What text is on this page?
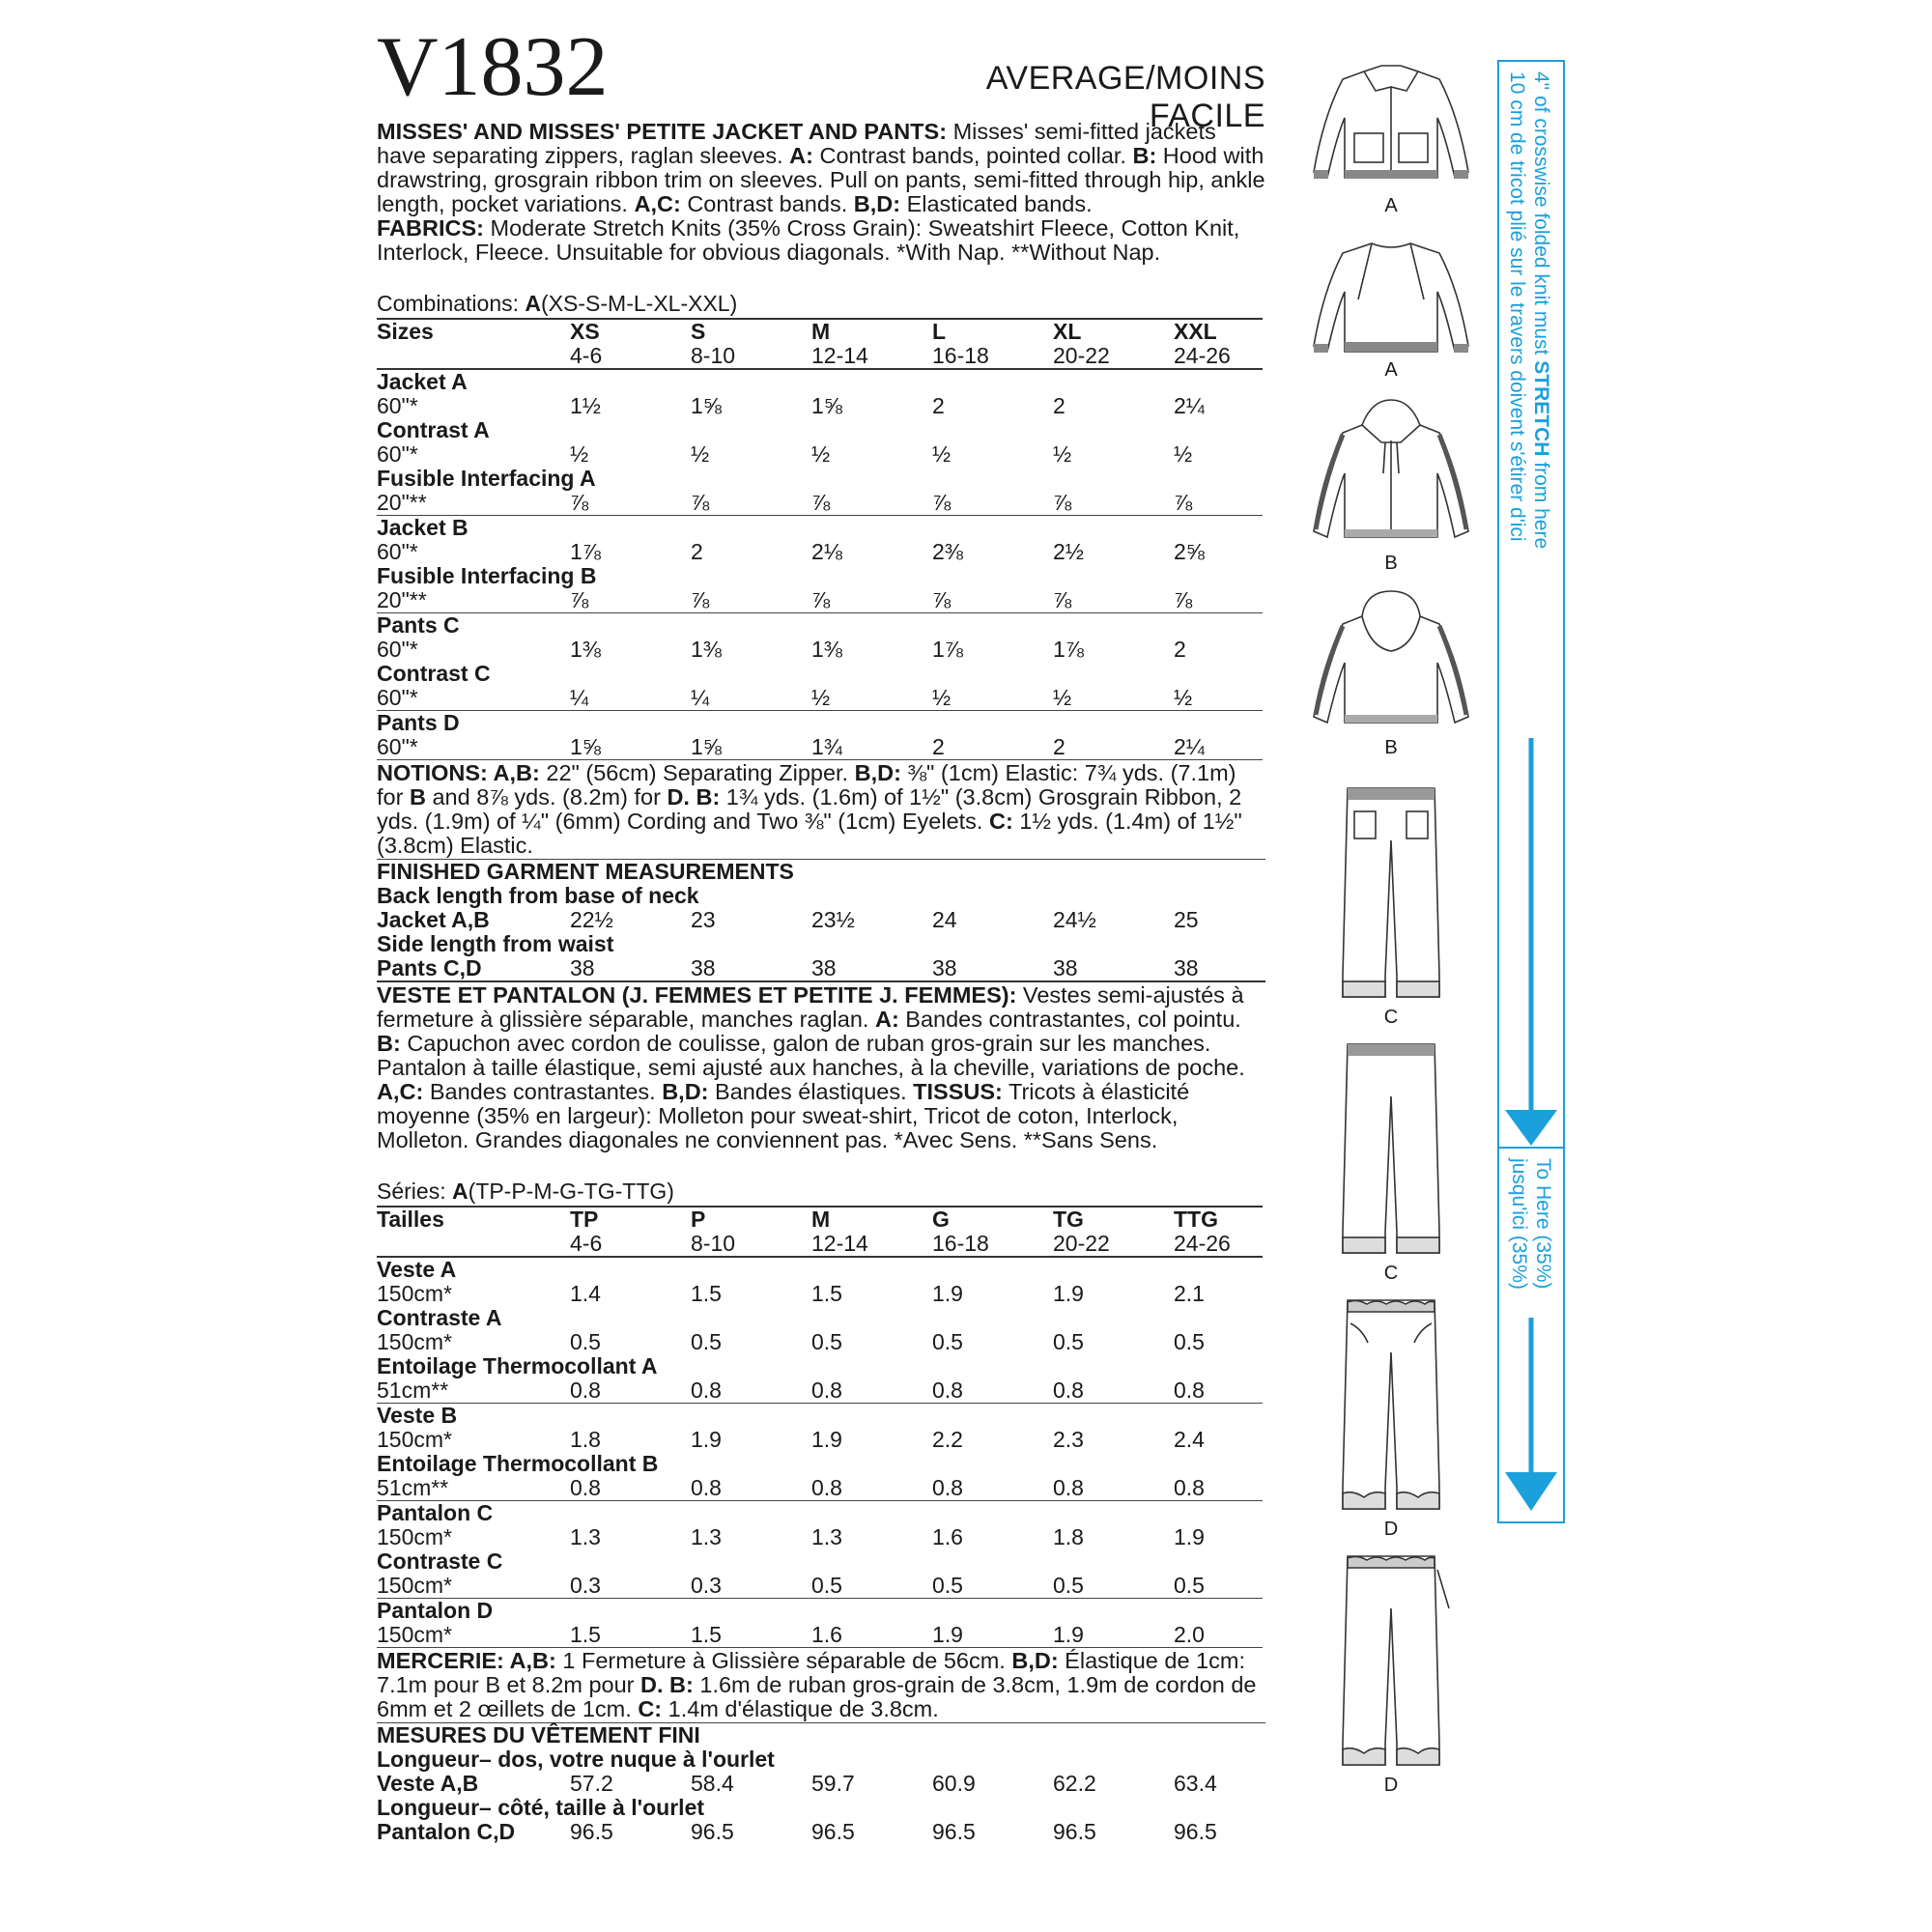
V1832	AVERAGE/MOINS FACILE

MISSES' AND MISSES' PETITE JACKET AND PANTS: Misses' semi-fitted jackets have separating zippers, raglan sleeves. A: Contrast bands, pointed collar. B: Hood with drawstring, grosgrain ribbon trim on sleeves. Pull on pants, semi-fitted through hip, ankle length, pocket variations. A,C: Contrast bands. B,D: Elasticated bands.
FABRICS: Moderate Stretch Knits (35% Cross Grain): Sweatshirt Fleece, Cotton Knit, Interlock, Fleece. Unsuitable for obvious diagonals. *With Nap. **Without Nap.

Combinations: A(XS-S-M-L-XL-XXL)
Sizes	XS	S	M	L	XL	XXL	
	4-6	8-10	12-14	16-18	20-22	24-26	
Jacket A							
60"*	1½	1⅝	1⅝	2	2	2¼	
Contrast A							
60"*	½	½	½	½	½	½	
Fusible Interfacing A							
20"**	⅞	⅞	⅞	⅞	⅞	⅞	
Jacket B							
60"*	1⅞	2	2⅛	2⅜	2½	2⅝	
Fusible Interfacing B							
20"**	⅞	⅞	⅞	⅞	⅞	⅞	
Pants C							
60"*	1⅜	1⅜	1⅜	1⅞	1⅞	2	
Contrast C							
60"*	¼	¼	½	½	½	½	
Pants D							
60"*	1⅝	1⅝	1¾	2	2	2¼	
NOTIONS: A,B: 22" (56cm) Separating Zipper. B,D: ⅜" (1cm) Elastic: 7¾ yds. (7.1m) for B and 8⅞ yds. (8.2m) for D. B: 1¾ yds. (1.6m) of 1½" (3.8cm) Grosgrain Ribbon, 2 yds. (1.9m) of ¼" (6mm) Cording and Two ⅜" (1cm) Eyelets. C: 1½ yds. (1.4m) of 1½" (3.8cm) Elastic.
FINISHED GARMENT MEASUREMENTS							
Back length from base of neck							
Jacket A,B	22½	23	23½	24	24½	25	
Side length from waist							
Pants C,D	38	38	38	38	38	38	

VESTE ET PANTALON (J. FEMMES ET PETITE J. FEMMES): Vestes semi-ajustés à fermeture à glissière séparable, manches raglan. A: Bandes contrastantes, col pointu. B: Capuchon avec cordon de coulisse, galon de ruban gros-grain sur les manches. Pantalon à taille élastique, semi ajusté aux hanches, à la cheville, variations de poche. A,C: Bandes contrastantes. B,D: Bandes élastiques. TISSUS: Tricots à élasticité moyenne (35% en largeur): Molleton pour sweat-shirt, Tricot de coton, Interlock, Molleton. Grandes diagonales ne conviennent pas. *Avec Sens. **Sans Sens.

Séries: A(TP-P-M-G-TG-TTG)
Tailles	TP	P	M	G	TG	TTG	
	4-6	8-10	12-14	16-18	20-22	24-26	
Veste A							
150cm*	1.4	1.5	1.5	1.9	1.9	2.1	
Contraste A							
150cm*	0.5	0.5	0.5	0.5	0.5	0.5	
Entoilage Thermocollant A							
51cm**	0.8	0.8	0.8	0.8	0.8	0.8	
Veste B							
150cm*	1.8	1.9	1.9	2.2	2.3	2.4	
Entoilage Thermocollant B							
51cm**	0.8	0.8	0.8	0.8	0.8	0.8	
Pantalon C							
150cm*	1.3	1.3	1.3	1.6	1.8	1.9	
Contraste C							
150cm*	0.3	0.3	0.5	0.5	0.5	0.5	
Pantalon D							
150cm*	1.5	1.5	1.6	1.9	1.9	2.0	
MERCERIE: A,B: 1 Fermeture à Glissière séparable de 56cm. B,D: Élastique de 1cm: 7.1m pour B et 8.2m pour D. B: 1.6m de ruban gros-grain de 3.8cm, 1.9m de cordon de 6mm et 2 œillets de 1cm. C: 1.4m d'élastique de 3.8cm.
MESURES DU VÊTEMENT FINI							
Longueur– dos, votre nuque à l'ourlet							
Veste A,B	57.2	58.4	59.7	60.9	62.2	63.4	
Longueur– côté, taille à l'ourlet							
Pantalon C,D	96.5	96.5	96.5	96.5	96.5	96.5	
A
A
B
B
C
C
D
D
4" of crosswise folded knit must STRETCH from here
10 cm de tricot plié sur le travers doivent s'étirer d'ici
To Here (35%)
jusqu'ici (35%)
